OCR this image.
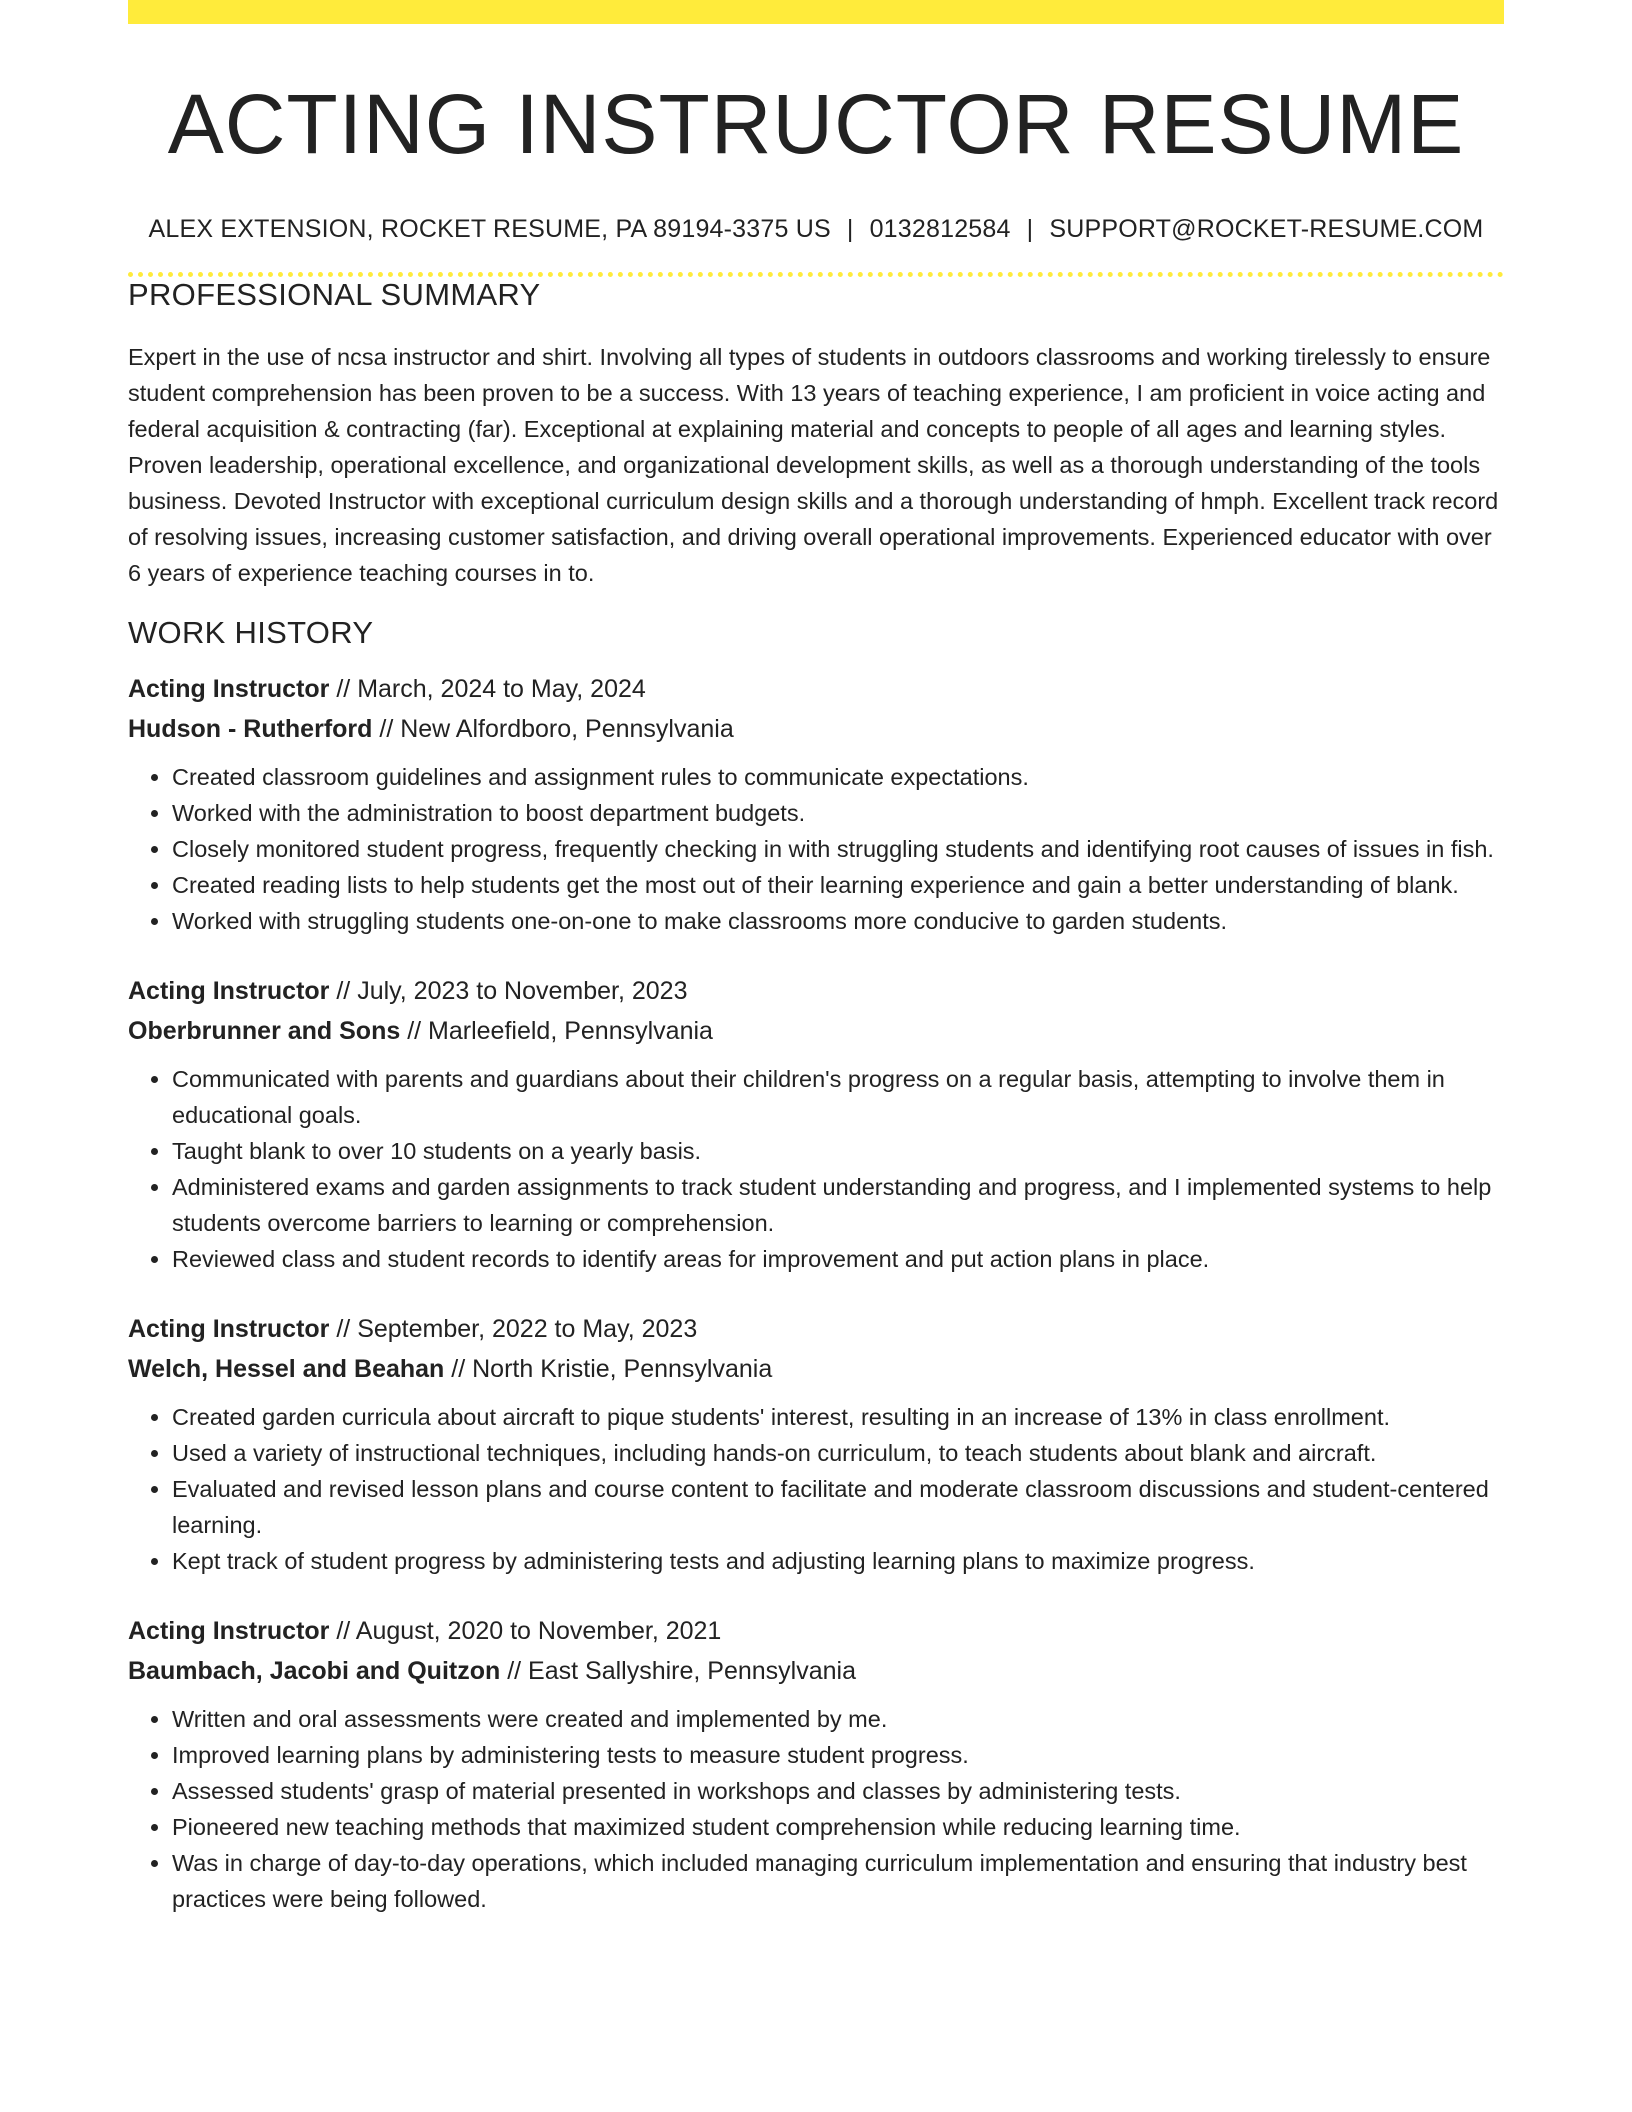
ACTING INSTRUCTOR RESUME
ALEX EXTENSION, ROCKET RESUME, PA 89194-3375 US | 0132812584 | SUPPORT@ROCKET-RESUME.COM
PROFESSIONAL SUMMARY

Expert in the use of ncsa instructor and shirt. Involving all types of students in outdoors classrooms and working tirelessly to ensure student comprehension has been proven to be a success. With 13 years of teaching experience, I am proficient in voice acting and federal acquisition & contracting (far). Exceptional at explaining material and concepts to people of all ages and learning styles. Proven leadership, operational excellence, and organizational development skills, as well as a thorough understanding of the tools business. Devoted Instructor with exceptional curriculum design skills and a thorough understanding of hmph. Excellent track record of resolving issues, increasing customer satisfaction, and driving overall operational improvements. Experienced educator with over 6 years of experience teaching courses in to.

WORK HISTORY
Acting Instructor // March, 2024 to May, 2024
Hudson - Rutherford // New Alfordboro, Pennsylvania
• Created classroom guidelines and assignment rules to communicate expectations.
• Worked with the administration to boost department budgets.
• Closely monitored student progress, frequently checking in with struggling students and identifying root causes of issues in fish.
• Created reading lists to help students get the most out of their learning experience and gain a better understanding of blank.
• Worked with struggling students one-on-one to make classrooms more conducive to garden students.
Acting Instructor // July, 2023 to November, 2023
Oberbrunner and Sons // Marleefield, Pennsylvania
• Communicated with parents and guardians about their children's progress on a regular basis, attempting to involve them in educational goals.
• Taught blank to over 10 students on a yearly basis.
• Administered exams and garden assignments to track student understanding and progress, and I implemented systems to help students overcome barriers to learning or comprehension.
• Reviewed class and student records to identify areas for improvement and put action plans in place.
Acting Instructor // September, 2022 to May, 2023
Welch, Hessel and Beahan // North Kristie, Pennsylvania
• Created garden curricula about aircraft to pique students' interest, resulting in an increase of 13% in class enrollment.
• Used a variety of instructional techniques, including hands-on curriculum, to teach students about blank and aircraft.
• Evaluated and revised lesson plans and course content to facilitate and moderate classroom discussions and student-centered learning.
• Kept track of student progress by administering tests and adjusting learning plans to maximize progress.
Acting Instructor // August, 2020 to November, 2021
Baumbach, Jacobi and Quitzon // East Sallyshire, Pennsylvania
• Written and oral assessments were created and implemented by me.
• Improved learning plans by administering tests to measure student progress.
• Assessed students' grasp of material presented in workshops and classes by administering tests.
• Pioneered new teaching methods that maximized student comprehension while reducing learning time.
• Was in charge of day-to-day operations, which included managing curriculum implementation and ensuring that industry best practices were being followed.
